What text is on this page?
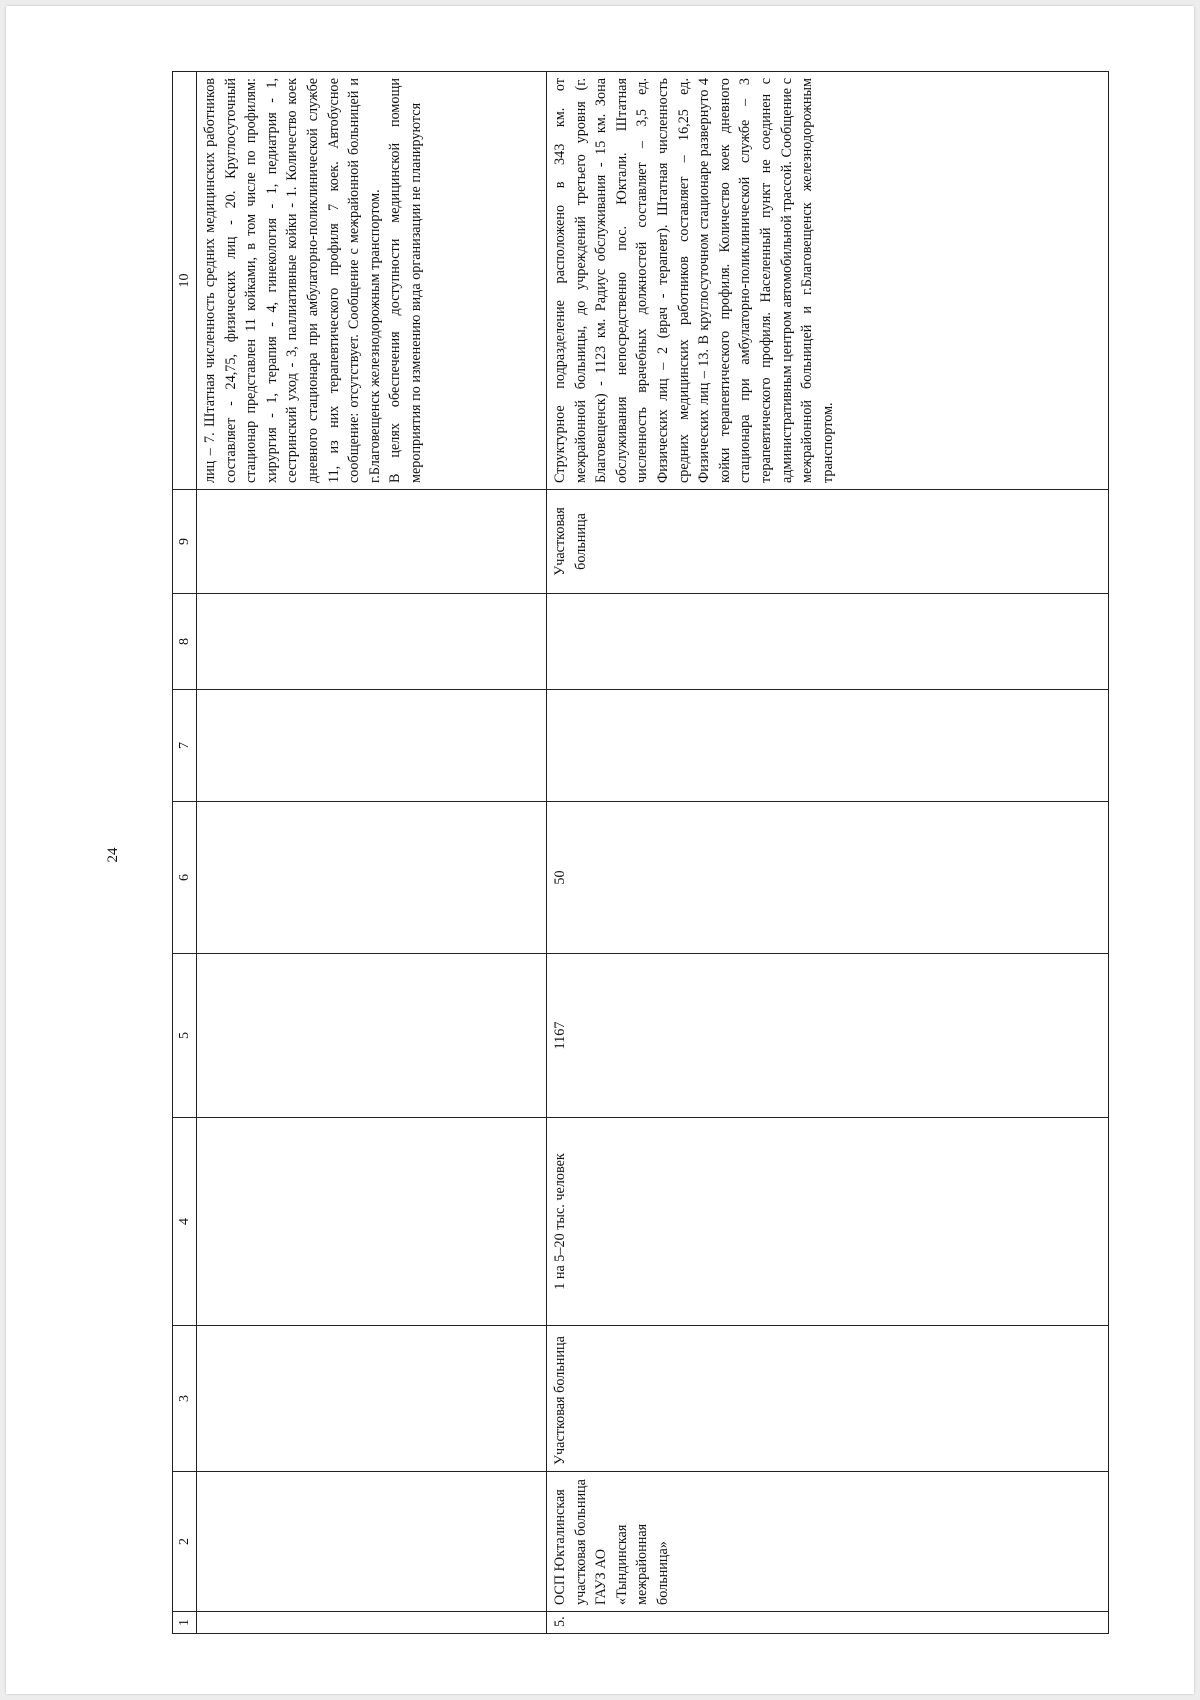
24
1	2	3	4	5	6	7	8	9	10

									лиц – 7. Штатная численность средних медицинских работников составляет - 24,75, физических лиц - 20. Круглосуточный стационар представлен 11 койками, в том числе по профилям: хирургия - 1, терапия - 4, гинекология - 1, педиатрия - 1, сестринский уход - 3, паллиативные койки - 1. Количество коек дневного стационара при амбулаторно-поликлинической службе 11, из них терапевтического профиля 7 коек. Автобусное сообщение: отсутствует. Сообщение с межрайонной больницей и г.Благовещенск железнодорожным транспортом. В целях обеспечения доступности медицинской помощи мероприятия по изменению вида организации не планируются

5.	ОСП Юкталинская участковая больница ГАУЗ АО «Тындинская межрайонная больница»	Участковая больница	1 на 5–20 тыс. человек	1167	50			Участковая больница	Структурное подразделение расположено в 343 км. от межрайонной больницы, до учреждений третьего уровня (г. Благовещенск) - 1123 км. Радиус обслуживания - 15 км. Зона обслуживания непосредственно пос. Юктали. Штатная численность врачебных должностей составляет – 3,5 ед. Физических лиц – 2 (врач - терапевт). Штатная численность средних медицинских работников составляет – 16,25 ед. Физических лиц – 13. В круглосуточном стационаре развернуто 4 койки терапевтического профиля. Количество коек дневного стационара при амбулаторно-поликлинической службе – 3 терапевтического профиля. Населенный пункт не соединен с административным центром автомобильной трассой. Сообщение с межрайонной больницей и г.Благовещенск железнодорожным транспортом.
